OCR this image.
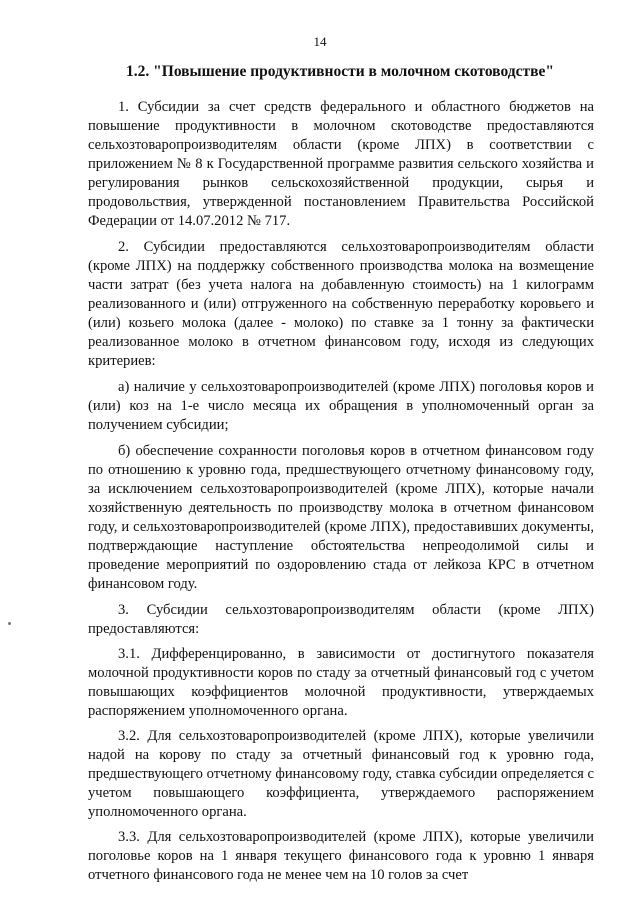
14
1.2. "Повышение продуктивности в молочном скотоводстве"

1. Субсидии за счет средств федерального и областного бюджетов на повышение продуктивности в молочном скотоводстве предоставляются сельхозтоваропроизводителям области (кроме ЛПХ) в соответствии с приложением № 8 к Государственной программе развития сельского хозяйства и регулирования рынков сельскохозяйственной продукции, сырья и продовольствия, утвержденной постановлением Правительства Российской Федерации от 14.07.2012 № 717.

2. Субсидии предоставляются сельхозтоваропроизводителям области (кроме ЛПХ) на поддержку собственного производства молока на возмещение части затрат (без учета налога на добавленную стоимость) на 1 килограмм реализованного и (или) отгруженного на собственную переработку коровьего и (или) козьего молока (далее - молоко) по ставке за 1 тонну за фактически реализованное молоко в отчетном финансовом году, исходя из следующих критериев:

а) наличие у сельхозтоваропроизводителей (кроме ЛПХ) поголовья коров и (или) коз на 1-е число месяца их обращения в уполномоченный орган за получением субсидии;

б) обеспечение сохранности поголовья коров в отчетном финансовом году по отношению к уровню года, предшествующего отчетному финансовому году, за исключением сельхозтоваропроизводителей (кроме ЛПХ), которые начали хозяйственную деятельность по производству молока в отчетном финансовом году, и сельхозтоваропроизводителей (кроме ЛПХ), предоставивших документы, подтверждающие наступление обстоятельства непреодолимой силы и проведение мероприятий по оздоровлению стада от лейкоза КРС в отчетном финансовом году.

3. Субсидии сельхозтоваропроизводителям области (кроме ЛПХ) предоставляются:

3.1. Дифференцированно, в зависимости от достигнутого показателя молочной продуктивности коров по стаду за отчетный финансовый год с учетом повышающих коэффициентов молочной продуктивности, утверждаемых распоряжением уполномоченного органа.

3.2. Для сельхозтоваропроизводителей (кроме ЛПХ), которые увеличили надой на корову по стаду за отчетный финансовый год к уровню года, предшествующего отчетному финансовому году, ставка субсидии определяется с учетом повышающего коэффициента, утверждаемого распоряжением уполномоченного органа.

3.3. Для сельхозтоваропроизводителей (кроме ЛПХ), которые увеличили поголовье коров на 1 января текущего финансового года к уровню 1 января отчетного финансового года не менее чем на 10 голов за счет
